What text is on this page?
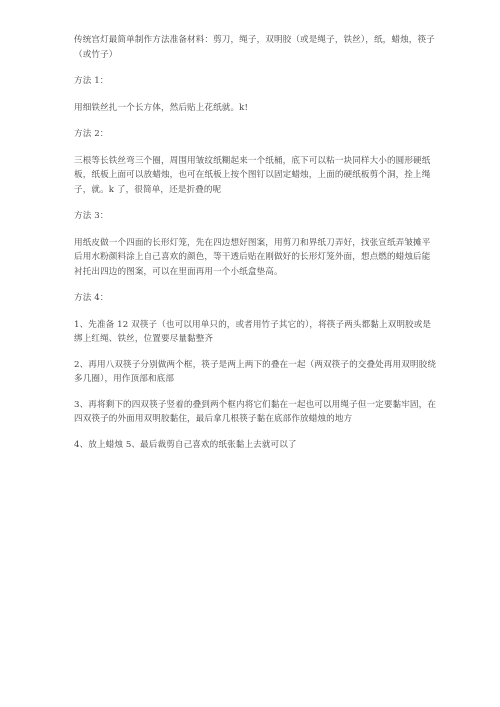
传统宫灯最简单制作方法准备材料：剪刀，绳子，双明胶（或是绳子，铁丝），纸，蜡烛，筷子（或竹子）

方法 1：

用细铁丝扎一个长方体，然后贴上花纸就。k!

方法 2：

三根等长铁丝弯三个圈，周围用皱纹纸糊起来一个纸桶，底下可以粘一块同样大小的圆形硬纸板，纸板上面可以放蜡烛，也可在纸板上按个图钉以固定蜡烛，上面的硬纸板剪个洞，拴上绳子，就。k 了，很简单，还是折叠的呢

方法 3：

用纸皮做一个四面的长形灯笼，先在四边想好图案，用剪刀和界纸刀弄好，找张宣纸弄皱摊平后用水粉颜料涂上自己喜欢的颜色，等干透后贴在刚做好的长形灯笼外面，想点燃的蜡烛后能衬托出四边的图案，可以在里面再用一个小纸盒垫高。

方法 4：

1、先准备 12 双筷子（也可以用单只的，或者用竹子其它的），将筷子两头都黏上双明胶或是绑上红绳、铁丝，位置要尽量黏整齐

2、再用八双筷子分别做两个框，筷子是两上两下的叠在一起（两双筷子的交叠处再用双明胶绕多几圈），用作顶部和底部

3、再将剩下的四双筷子竖着的叠到两个框内将它们黏在一起也可以用绳子但一定要黏牢固，在四双筷子的外面用双明胶黏住，最后拿几根筷子黏在底部作放蜡烛的地方

4、放上蜡烛 5、最后裁剪自己喜欢的纸张黏上去就可以了
